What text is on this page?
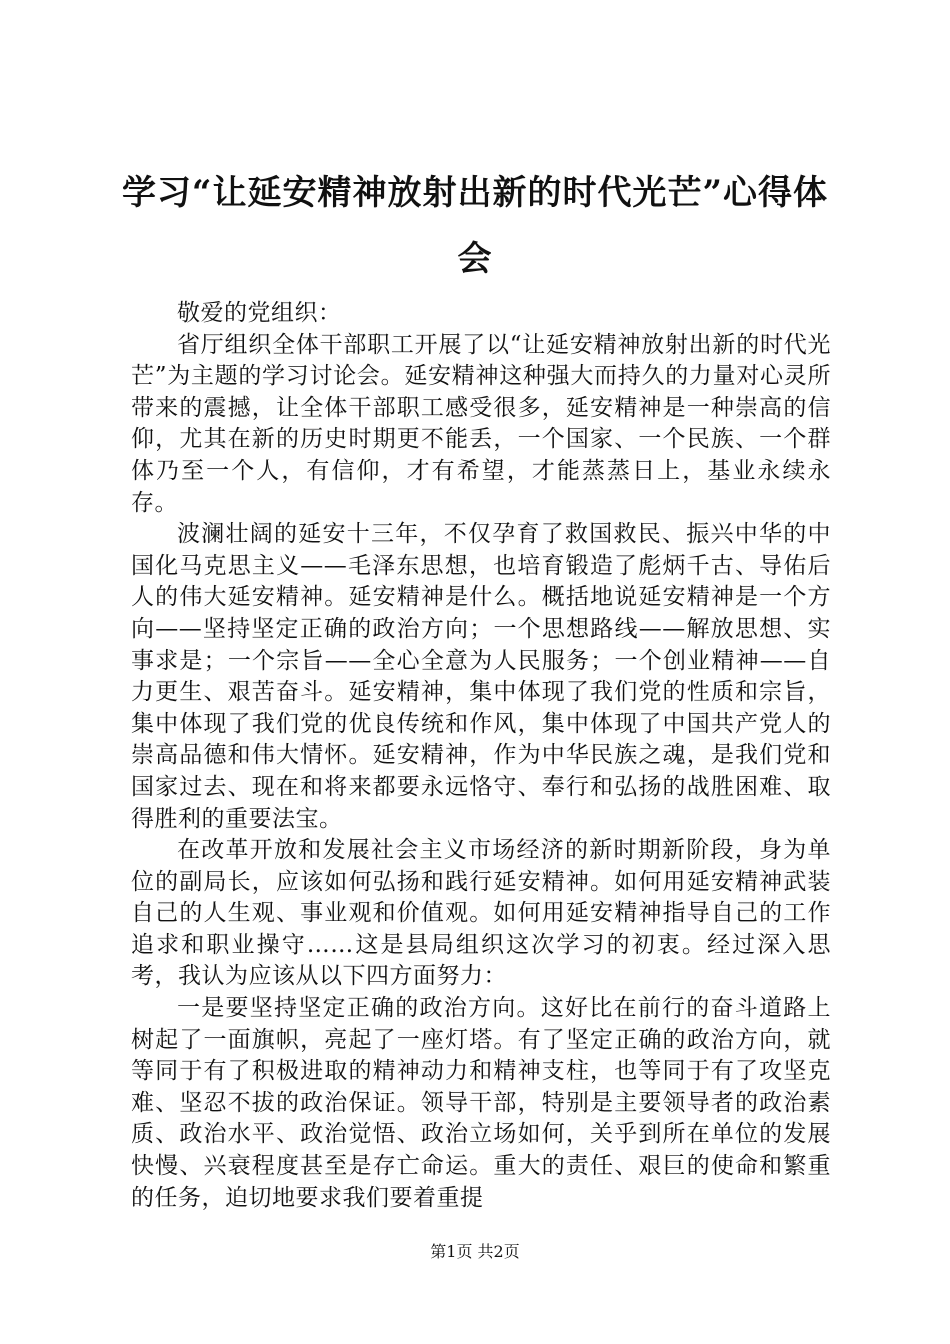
学习“让延安精神放射出新的时代光芒”心得体会

敬爱的党组织：

省厅组织全体干部职工开展了以“让延安精神放射出新的时代光芒”为主题的学习讨论会。延安精神这种强大而持久的力量对心灵所带来的震撼，让全体干部职工感受很多，延安精神是一种崇高的信仰，尤其在新的历史时期更不能丢，一个国家、一个民族、一个群体乃至一个人，有信仰，才有希望，才能蒸蒸日上，基业永续永存。

波澜壮阔的延安十三年，不仅孕育了救国救民、振兴中华的中国化马克思主义——毛泽东思想，也培育锻造了彪炳千古、导佑后人的伟大延安精神。延安精神是什么。概括地说延安精神是一个方向——坚持坚定正确的政治方向；一个思想路线——解放思想、实事求是；一个宗旨——全心全意为人民服务；一个创业精神——自力更生、艰苦奋斗。延安精神，集中体现了我们党的性质和宗旨，集中体现了我们党的优良传统和作风，集中体现了中国共产党人的崇高品德和伟大情怀。延安精神，作为中华民族之魂，是我们党和国家过去、现在和将来都要永远恪守、奉行和弘扬的战胜困难、取得胜利的重要法宝。

在改革开放和发展社会主义市场经济的新时期新阶段，身为单位的副局长，应该如何弘扬和践行延安精神。如何用延安精神武装自己的人生观、事业观和价值观。如何用延安精神指导自己的工作追求和职业操守……这是县局组织这次学习的初衷。经过深入思考，我认为应该从以下四方面努力：

一是要坚持坚定正确的政治方向。这好比在前行的奋斗道路上树起了一面旗帜，亮起了一座灯塔。有了坚定正确的政治方向，就等同于有了积极进取的精神动力和精神支柱，也等同于有了攻坚克难、坚忍不拔的政治保证。领导干部，特别是主要领导者的政治素质、政治水平、政治觉悟、政治立场如何，关乎到所在单位的发展快慢、兴衰程度甚至是存亡命运。重大的责任、艰巨的使命和繁重的任务，迫切地要求我们要着重提

第1页 共2页
